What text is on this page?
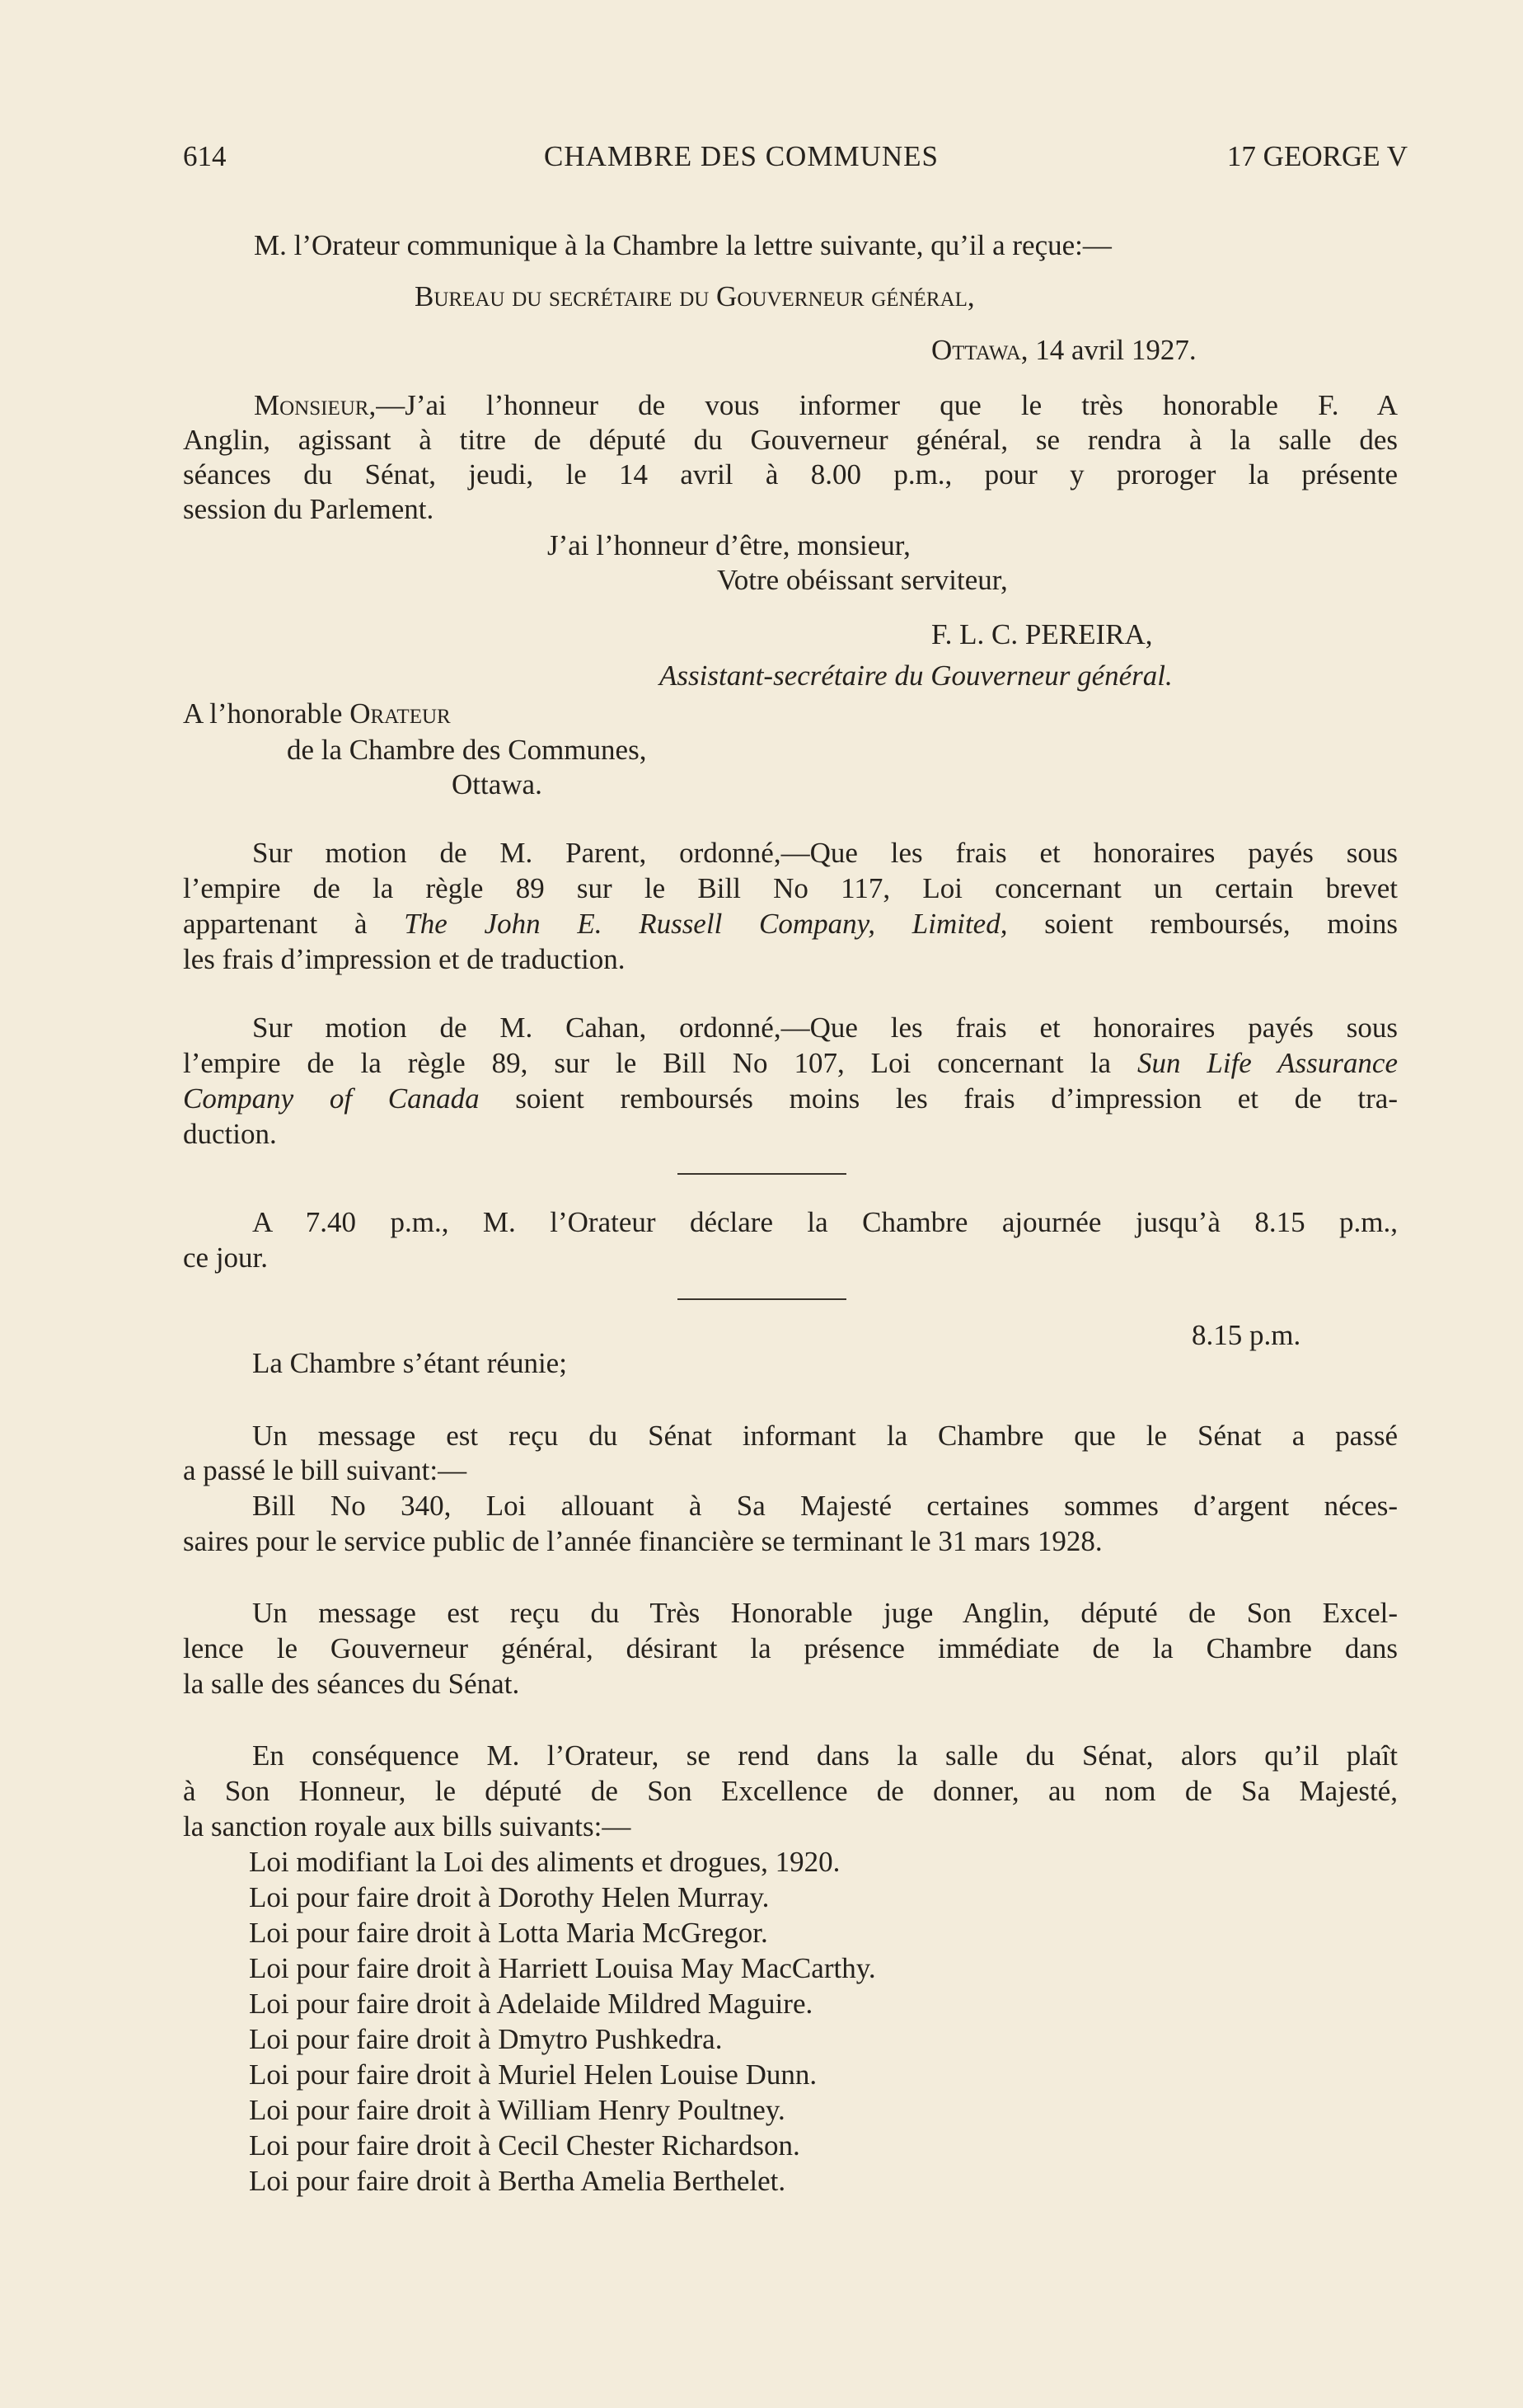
614	CHAMBRE DES COMMUNES	17 GEORGE V
M. l’Orateur communique à la Chambre la lettre suivante, qu’il a reçue:—
Bureau du secrétaire du Gouverneur général,
Ottawa, 14 avril 1927.
Monsieur,—J’ai l’honneur de vous informer que le très honorable F. A
Anglin, agissant à titre de député du Gouverneur général, se rendra à la salle des
séances du Sénat, jeudi, le 14 avril à 8.00 p.m., pour y proroger la présente
session du Parlement.
J’ai l’honneur d’être, monsieur,
Votre obéissant serviteur,
F. L. C. PEREIRA,
Assistant-secrétaire du Gouverneur général.
A l’honorable Orateur
de la Chambre des Communes,
Ottawa.
Sur motion de M. Parent, ordonné,—Que les frais et honoraires payés sous
l’empire de la règle 89 sur le Bill No 117, Loi concernant un certain brevet
appartenant à The John E. Russell Company, Limited, soient remboursés, moins
les frais d’impression et de traduction.
Sur motion de M. Cahan, ordonné,—Que les frais et honoraires payés sous
l’empire de la règle 89, sur le Bill No 107, Loi concernant la Sun Life Assurance
Company of Canada soient remboursés moins les frais d’impression et de tra-
duction.
A 7.40 p.m., M. l’Orateur déclare la Chambre ajournée jusqu’à 8.15 p.m.,
ce jour.
8.15 p.m.
La Chambre s’étant réunie;
Un message est reçu du Sénat informant la Chambre que le Sénat a passé
a passé le bill suivant:—
Bill No 340, Loi allouant à Sa Majesté certaines sommes d’argent néces-
saires pour le service public de l’année financière se terminant le 31 mars 1928.
Un message est reçu du Très Honorable juge Anglin, député de Son Excel-
lence le Gouverneur général, désirant la présence immédiate de la Chambre dans
la salle des séances du Sénat.
En conséquence M. l’Orateur, se rend dans la salle du Sénat, alors qu’il plaît
à Son Honneur, le député de Son Excellence de donner, au nom de Sa Majesté,
la sanction royale aux bills suivants:—
Loi modifiant la Loi des aliments et drogues, 1920.
Loi pour faire droit à Dorothy Helen Murray.
Loi pour faire droit à Lotta Maria McGregor.
Loi pour faire droit à Harriett Louisa May MacCarthy.
Loi pour faire droit à Adelaide Mildred Maguire.
Loi pour faire droit à Dmytro Pushkedra.
Loi pour faire droit à Muriel Helen Louise Dunn.
Loi pour faire droit à William Henry Poultney.
Loi pour faire droit à Cecil Chester Richardson.
Loi pour faire droit à Bertha Amelia Berthelet.
